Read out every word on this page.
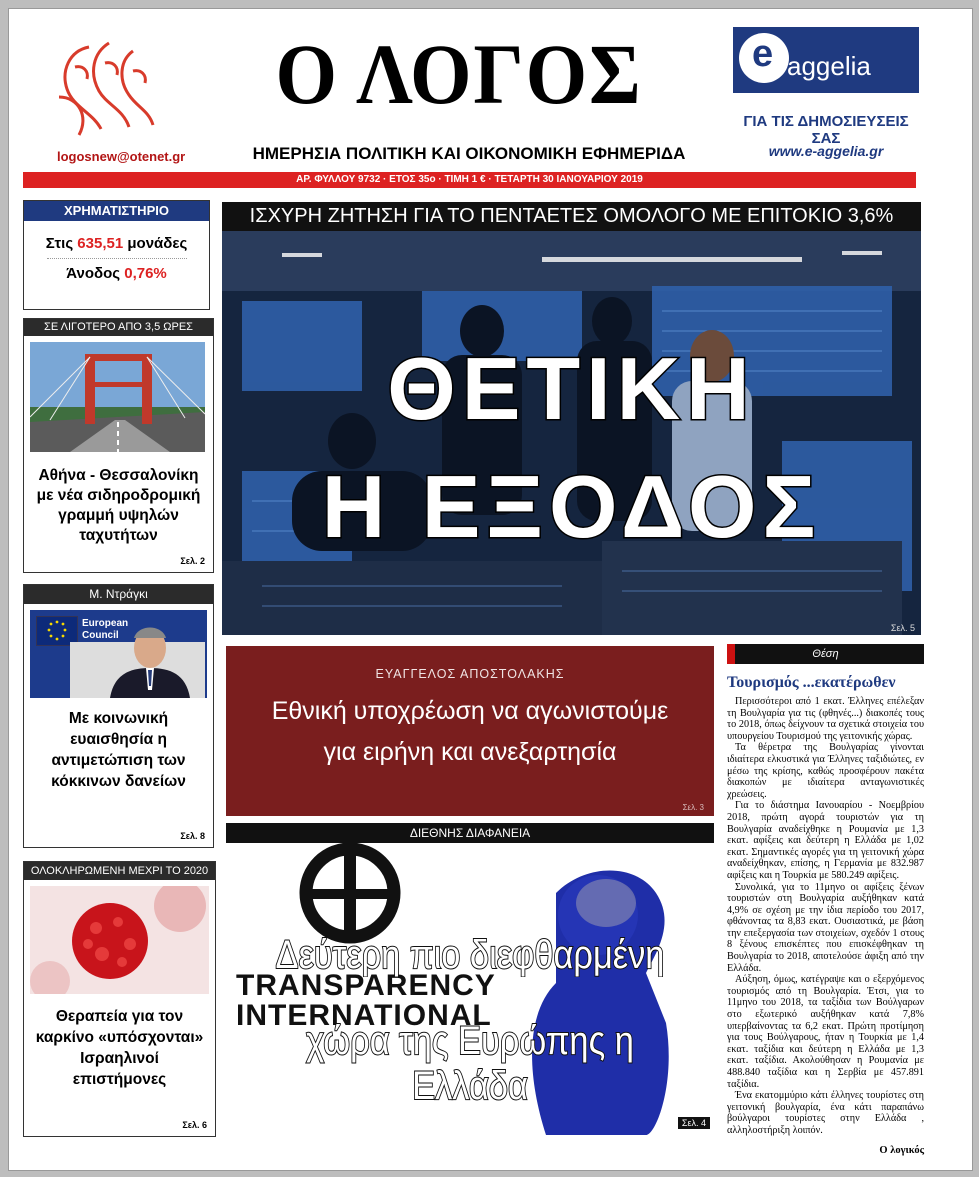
logosnew@otenet.gr
Ο ΛΟΓΟΣ
ΗΜΕΡΗΣΙΑ ΠΟΛΙΤΙΚΗ ΚΑΙ ΟΙΚΟΝΟΜΙΚΗ ΕΦΗΜΕΡΙΔΑ
e aggelia
ΓΙΑ ΤΙΣ ΔΗΜΟΣΙΕΥΣΕΙΣ ΣΑΣ
www.e-aggelia.gr
ΑΡ. ΦΥΛΛΟΥ 9732 · ΕΤΟΣ 35ο · ΤΙΜΗ 1 € · ΤΕΤΑΡΤΗ 30 ΙΑΝΟΥΑΡΙΟΥ 2019
ΧΡΗΜΑΤΙΣΤΗΡΙΟ
Στις 635,51 μονάδες
Άνοδος 0,76%
ΣΕ ΛΙΓΟΤΕΡΟ ΑΠΟ 3,5 ΩΡΕΣ
Αθήνα - Θεσσαλονίκη με νέα σιδηροδρομική γραμμή υψηλών ταχυτήτων
Σελ. 2
Μ. Ντράγκι
European Council
Με κοινωνική ευαισθησία η αντιμετώπιση των κόκκινων δανείων
Σελ. 8
ΟΛΟΚΛΗΡΩΜΕΝΗ ΜΕΧΡΙ ΤΟ 2020
Θεραπεία για τον καρκίνο «υπόσχονται» Ισραηλινοί επιστήμονες
Σελ. 6
ΙΣΧΥΡΗ ΖΗΤΗΣΗ ΓΙΑ ΤΟ ΠΕΝΤΑΕΤΕΣ ΟΜΟΛΟΓΟ ΜΕ ΕΠΙΤΟΚΙΟ 3,6%
ΘΕΤΙΚΗ
Η ΕΞΟΔΟΣ
Σελ. 5
ΕΥΑΓΓΕΛΟΣ ΑΠΟΣΤΟΛΑΚΗΣ
Εθνική υποχρέωση να αγωνιστούμε
για ειρήνη και ανεξαρτησία
Σελ. 3
ΔΙΕΘΝΗΣ ΔΙΑΦΑΝΕΙΑ
TRANSPARENCY
INTERNATIONAL
Δεύτερη πιο διεφθαρμένη
χώρα της Ευρώπης η Ελλάδα
Σελ. 4
Θέση
Τουρισμός ...εκατέρωθεν

Περισσότεροι από 1 εκατ. Έλληνες επέλεξαν τη Βουλγαρία για τις (φθηνές...) διακοπές τους το 2018, όπως δείχνουν τα σχετικά στοιχεία του υπουργείου Τουρισμού της γειτονικής χώρας.

Τα θέρετρα της Βουλγαρίας γίνονται ιδιαίτερα ελκυστικά για Έλληνες ταξιδιώτες, εν μέσω της κρίσης, καθώς προσφέρουν πακέτα διακοπών με ιδιαίτερα ανταγωνιστικές χρεώσεις.

Για το διάστημα Ιανουαρίου - Νοεμβρίου 2018, πρώτη αγορά τουριστών για τη Βουλγαρία αναδείχθηκε η Ρουμανία με 1,3 εκατ. αφίξεις και δεύτερη η Ελλάδα με 1,02 εκατ. Σημαντικές αγορές για τη γειτονική χώρα αναδείχθηκαν, επίσης, η Γερμανία με 832.987 αφίξεις και η Τουρκία με 580.249 αφίξεις.

Συνολικά, για το 11μηνο οι αφίξεις ξένων τουριστών στη Βουλγαρία αυξήθηκαν κατά 4,9% σε σχέση με την ίδια περίοδο του 2017, φθάνοντας τα 8,83 εκατ. Ουσιαστικά, με βάση την επεξεργασία των στοιχείων, σχεδόν 1 στους 8 ξένους επισκέπτες που επισκέφθηκαν τη Βουλγαρία το 2018, αποτελούσε άφιξη από την Ελλάδα.

Αύξηση, όμως, κατέγραψε και ο εξερχόμενος τουρισμός από τη Βουλγαρία. Έτσι, για το 11μηνο του 2018, τα ταξίδια των Βούλγαρων στο εξωτερικό αυξήθηκαν κατά 7,8% υπερβαίνοντας τα 6,2 εκατ. Πρώτη προτίμηση για τους Βούλγαρους, ήταν η Τουρκία με 1,4 εκατ. ταξίδια και δεύτερη η Ελλάδα με 1,3 εκατ. ταξίδια. Ακολούθησαν η Ρουμανία με 488.840 ταξίδια και η Σερβία με 457.891 ταξίδια.

Ένα εκατομμύριο κάτι έλληνες τουρίστες στη γειτονική βουλγαρία, ένα κάτι παραπάνω βούλγαροι τουρίστες στην Ελλάδα , αλληλοστήριξη λοιπόν.

Ο λογικός
